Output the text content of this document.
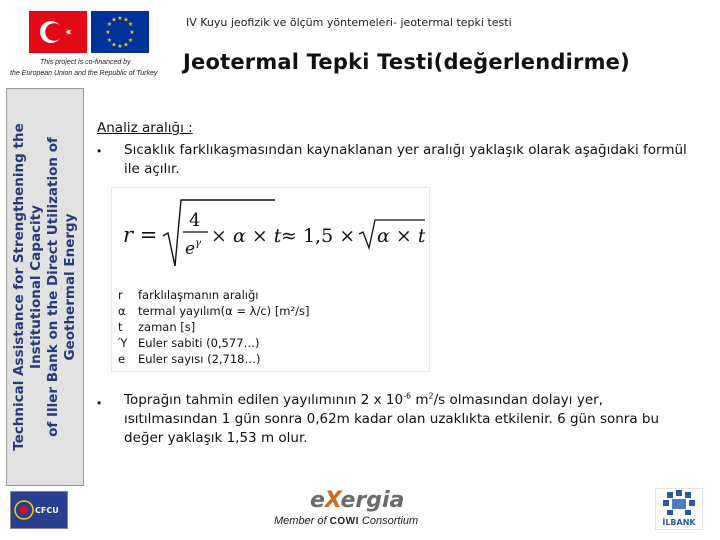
IV Kuyu jeofizik ve ölçüm yöntemeleri- jeotermal tepki testi
Jeotermal Tepki Testi(değerlendirme)
★ ★
★
★
★
★
★
★
★
★
★
★
This project is co-financed by
the European Union and the Republic of Turkey
Technical Assistance for Strengthening the Institutional Capacity of Iller Bank on the Direct Utilization of Geothermal Energy
Analiz aralığı :
• Sıcaklık farklıkaşmasından kaynaklanan yer aralığı yaklaşık olarak aşağıdaki formül ile açılır.
r =
4
e γ × α × t ≈ 1,5 × α × t
r farklılaşmanın aralığı
α termal yayılım(α = λ/c) [m²/s]
t zaman [s]
Ύ Euler sabiti (0,577…)
e Euler sayısı (2,718…)
• Toprağın tahmin edilen yayılımının 2 x $10^{-6}$ $m^2/s$ olmasından dolayı yer, ısıtılmasından 1 gün sonra 0,62m kadar olan uzaklıkta etkilenir. 6 gün sonra bu değer yaklaşık 1,53 m olur.
CFCU	eXergia
Member of COWI Consortium	İLBANK
